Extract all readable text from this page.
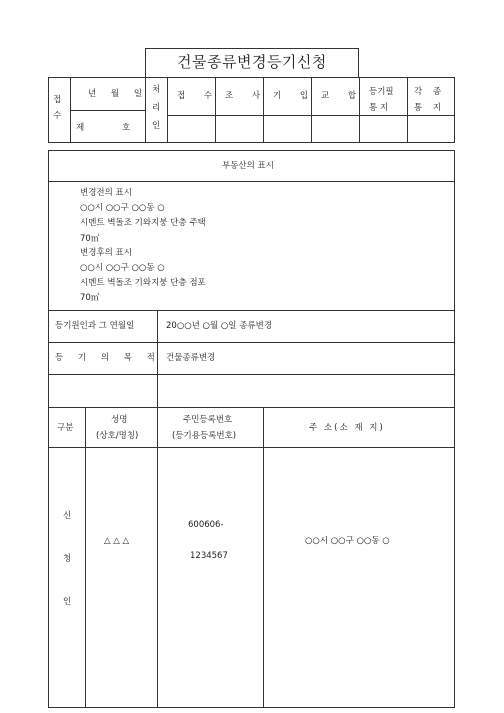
건물종류변경등기신청
접
수
년 월 일
제	호
처
리
인
접 수 조 사 기 입 교 합 등기필 통 지
각 종 통 지
부동산의 표시
변경전의 표시
○○시 ○○구 ○○동 ○
시멘트 벽돌조 기와지붕 단층 주택
70㎡
변경후의 표시
○○시 ○○구 ○○동 ○
시멘트 벽돌조 기와지붕 단층 점포
70㎡
등기원인과 그 연월일	20○○년 ○월 ○일 종류변경
등 기 의 목 적 건물종류변경
구분
성명
(상호/명칭)
주민등록번호
(등기용등록번호)
주 소(소 재 지)
신
청
인
△ △ △
600606-
1234567
○○시 ○○구 ○○동 ○
